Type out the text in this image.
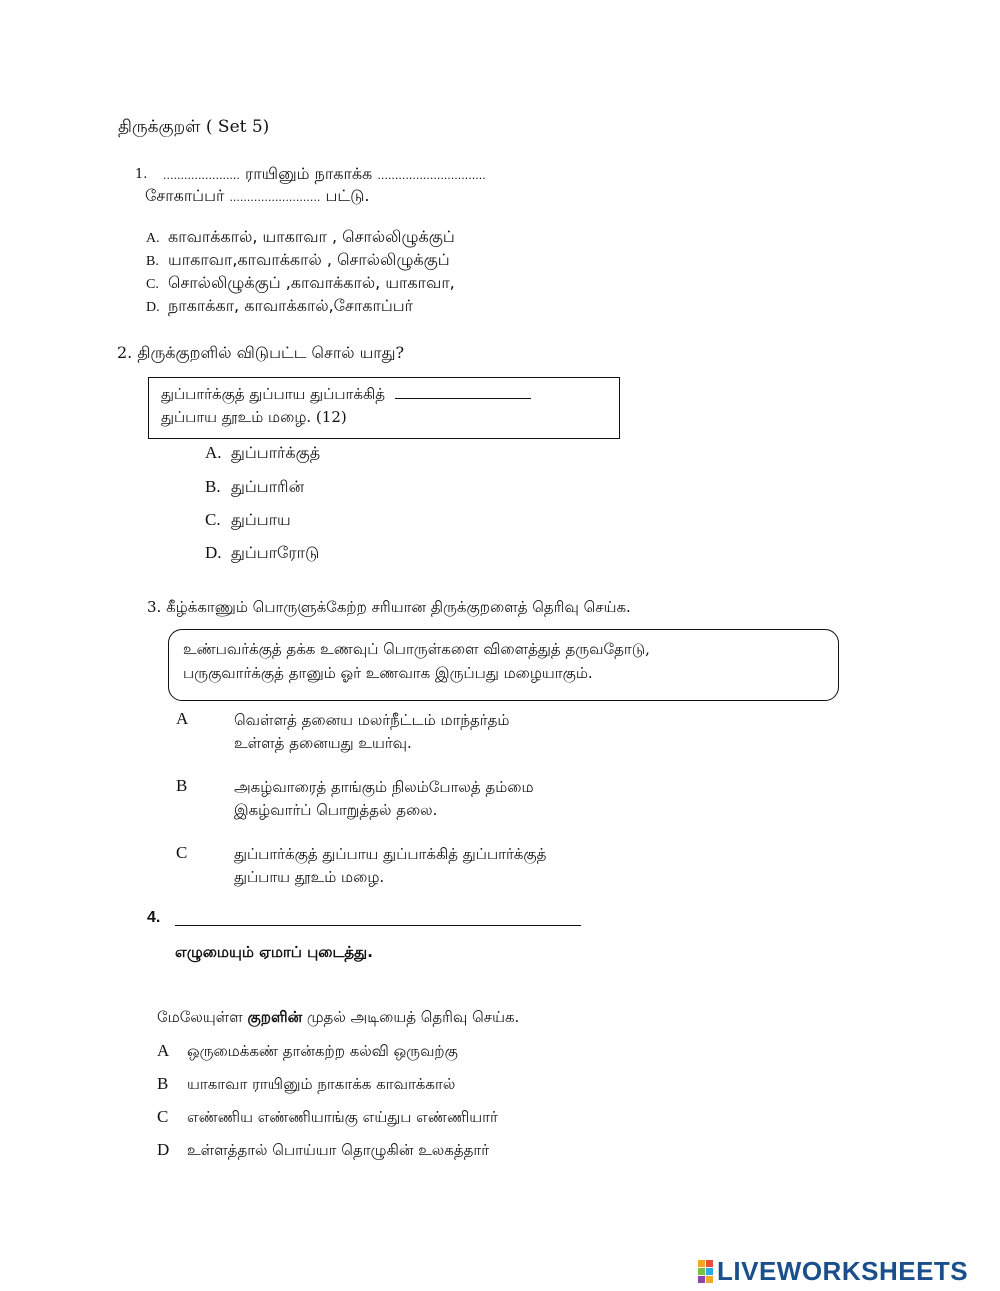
திருக்குறள் ( Set 5)
1. ...................... ராயினும் நாகாக்க ...............................
சோகாப்பர் .......................... பட்டு.
A. காவாக்கால், யாகாவா , சொல்லிழுக்குப்
B. யாகாவா,காவாக்கால் , சொல்லிழுக்குப்
C. சொல்லிழுக்குப் ,காவாக்கால், யாகாவா,
D. நாகாக்கா, காவாக்கால்,சோகாப்பர்
2. திருக்குறளில் விடுபட்ட சொல் யாது?
துப்பார்க்குத் துப்பாய துப்பாக்கித்
துப்பாய தூஉம் மழை. (12)
A. துப்பார்க்குத்
B. துப்பாரின்
C. துப்பாய
D. துப்பாரோடு
3. கீழ்க்காணும் பொருளுக்கேற்ற சரியான திருக்குறளைத் தெரிவு செய்க.
உண்பவர்க்குத் தக்க உணவுப் பொருள்களை விளைத்துத் தருவதோடு,
பருகுவார்க்குத் தானும் ஓர் உணவாக இருப்பது மழையாகும்.
A	வெள்ளத் தனைய மலர்நீட்டம் மாந்தர்தம்
உள்ளத் தனையது உயர்வு.
B	அகழ்வாரைத் தாங்கும் நிலம்போலத் தம்மை
இகழ்வார்ப் பொறுத்தல் தலை.
C	துப்பார்க்குத் துப்பாய துப்பாக்கித் துப்பார்க்குத்
துப்பாய தூஉம் மழை.
4.
எழுமையும் ஏமாப் புடைத்து.
மேலேயுள்ள குறளின் முதல் அடியைத் தெரிவு செய்க.
A ஒருமைக்கண் தான்கற்ற கல்வி ஒருவற்கு
B யாகாவா ராயினும் நாகாக்க காவாக்கால்
C எண்ணிய எண்ணியாங்கு எய்துப எண்ணியார்
D உள்ளத்தால் பொய்யா தொழுகின் உலகத்தார்
LIVEWORKSHEETS
